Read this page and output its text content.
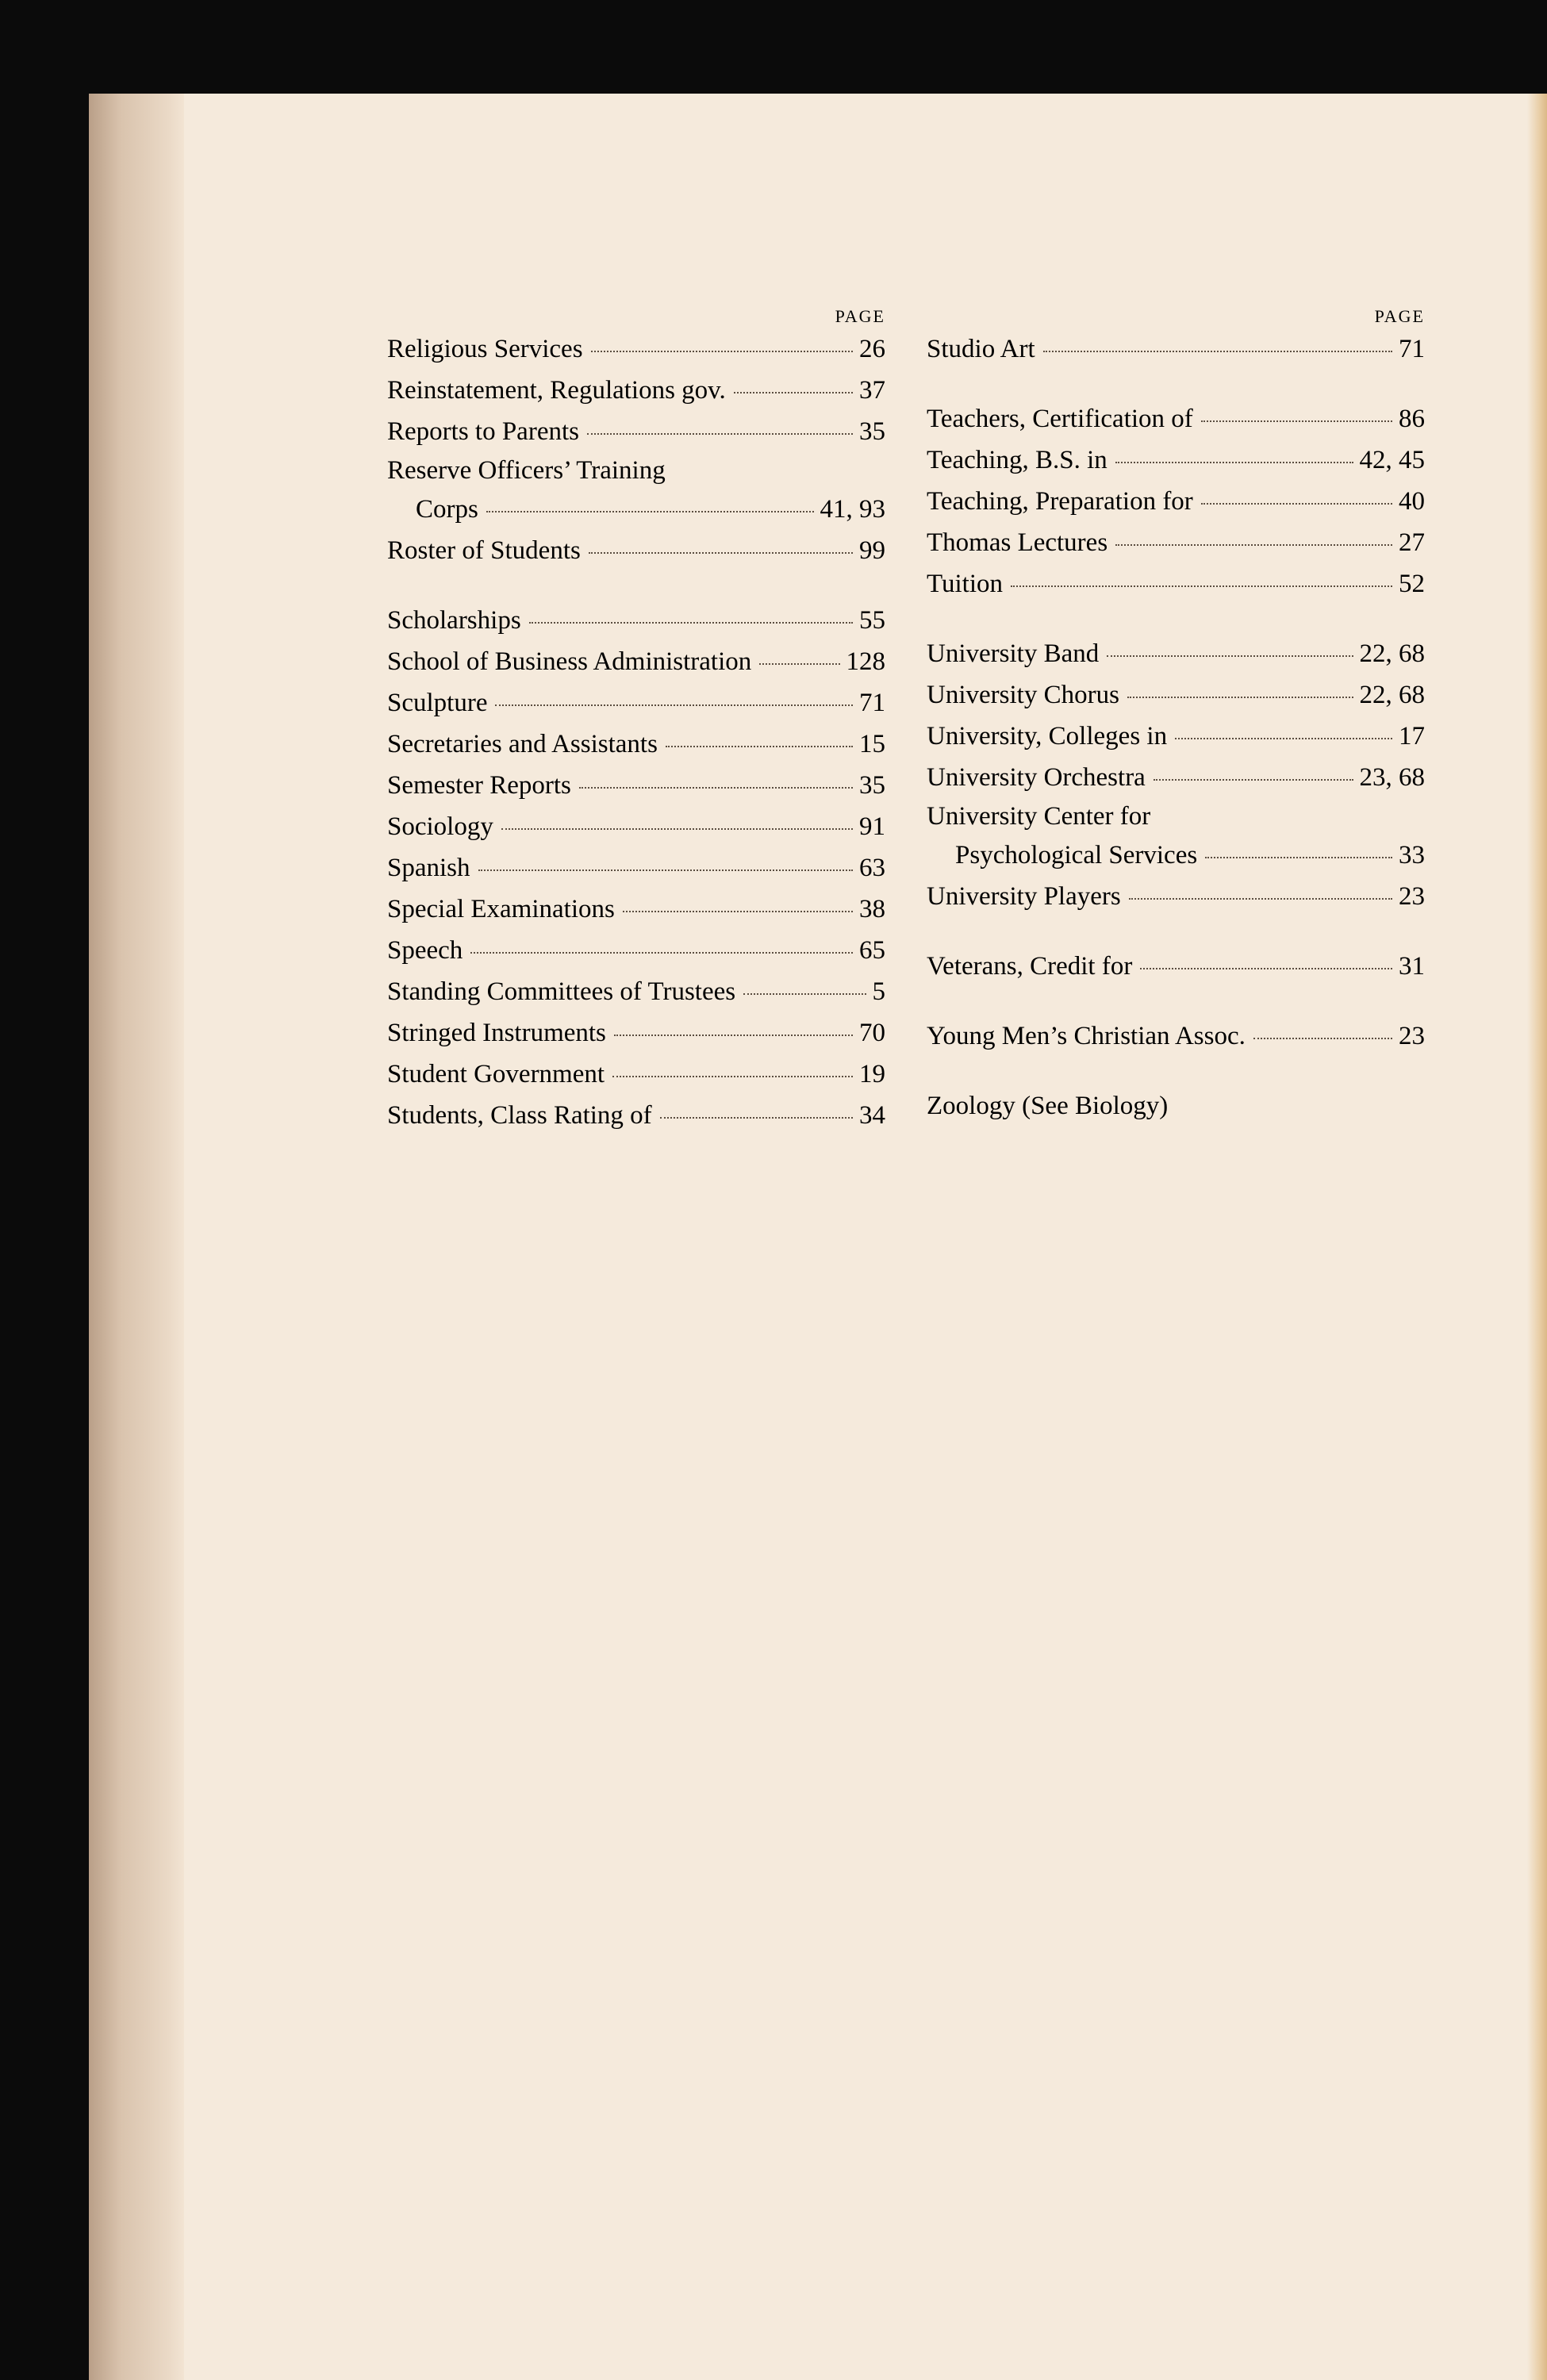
PAGE
Religious Services	26
Reinstatement, Regulations gov.	37
Reports to Parents	35
Reserve Officers’ Training
Corps	41, 93
Roster of Students	99
Scholarships	55
School of Business Administration	128
Sculpture	71
Secretaries and Assistants	15
Semester Reports	35
Sociology	91
Spanish	63
Special Examinations	38
Speech	65
Standing Committees of Trustees	5
Stringed Instruments	70
Student Government	19
Students, Class Rating of	34
PAGE
Studio Art	71
Teachers, Certification of	86
Teaching, B.S. in	42, 45
Teaching, Preparation for	40
Thomas Lectures	27
Tuition	52
University Band	22, 68
University Chorus	22, 68
University, Colleges in	17
University Orchestra	23, 68
University Center for
Psychological Services	33
University Players	23
Veterans, Credit for	31
Young Men’s Christian Assoc.	23
Zoology (See Biology)
